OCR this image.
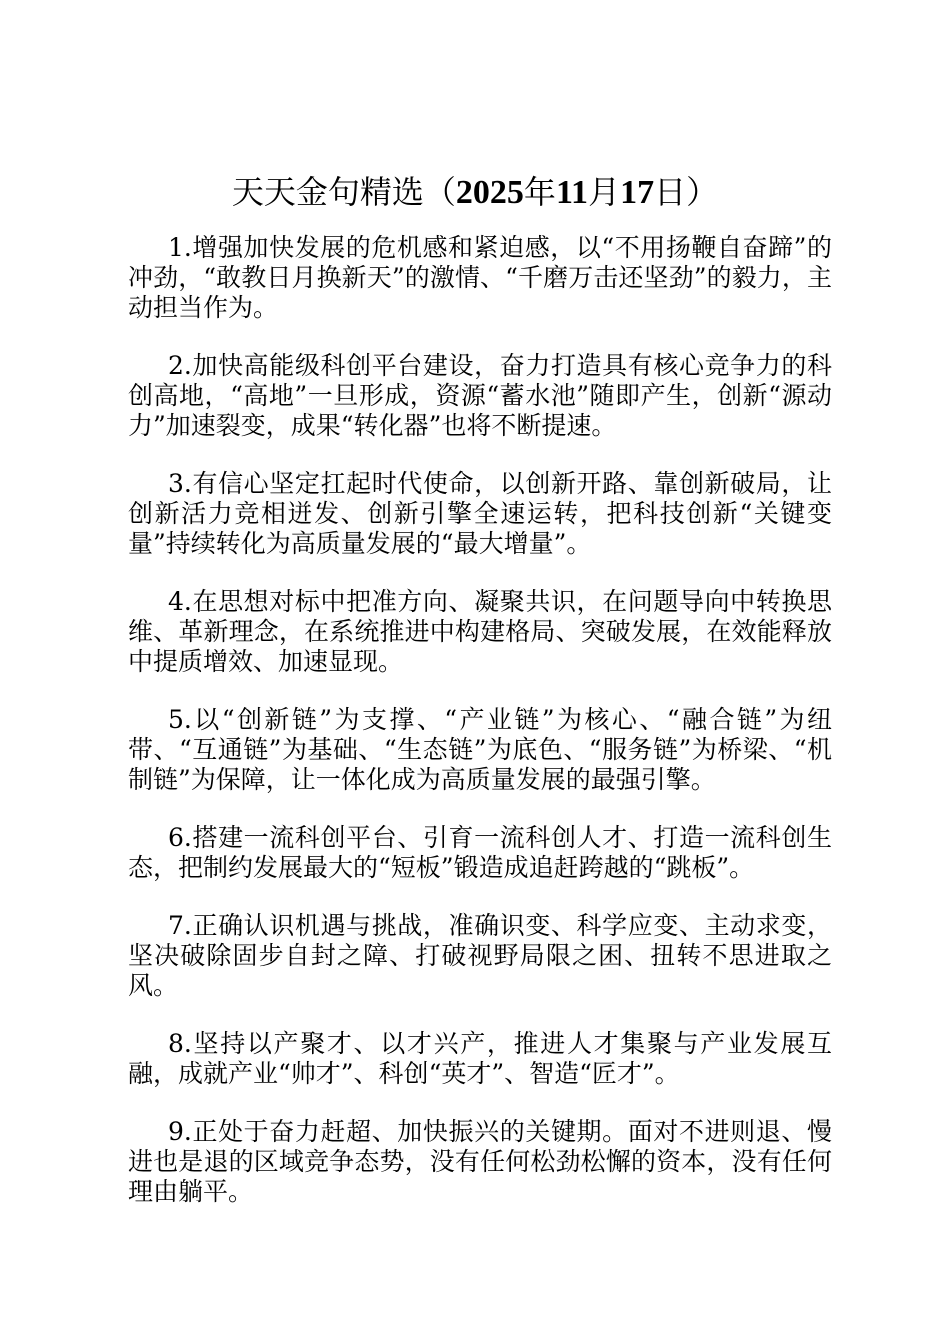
天天金句精选（2025年11月17日）

1.增强加快发展的危机感和紧迫感，以“不用扬鞭自奋蹄”的冲劲，“敢教日月换新天”的激情、“千磨万击还坚劲”的毅力，主动担当作为。

2.加快高能级科创平台建设，奋力打造具有核心竞争力的科创高地，“高地”一旦形成，资源“蓄水池”随即产生，创新“源动力”加速裂变，成果“转化器”也将不断提速。

3.有信心坚定扛起时代使命，以创新开路、靠创新破局，让创新活力竞相迸发、创新引擎全速运转，把科技创新“关键变量”持续转化为高质量发展的“最大增量”。

4.在思想对标中把准方向、凝聚共识，在问题导向中转换思维、革新理念，在系统推进中构建格局、突破发展，在效能释放中提质增效、加速显现。

5.以“创新链”为支撑、“产业链”为核心、“融合链”为纽带、“互通链”为基础、“生态链”为底色、“服务链”为桥梁、“机制链”为保障，让一体化成为高质量发展的最强引擎。

6.搭建一流科创平台、引育一流科创人才、打造一流科创生态，把制约发展最大的“短板”锻造成追赶跨越的“跳板”。

7.正确认识机遇与挑战，准确识变、科学应变、主动求变，坚决破除固步自封之障、打破视野局限之困、扭转不思进取之风。

8.坚持以产聚才、以才兴产，推进人才集聚与产业发展互融，成就产业“帅才”、科创“英才”、智造“匠才”。

9.正处于奋力赶超、加快振兴的关键期。面对不进则退、慢进也是退的区域竞争态势，没有任何松劲松懈的资本，没有任何理由躺平。
